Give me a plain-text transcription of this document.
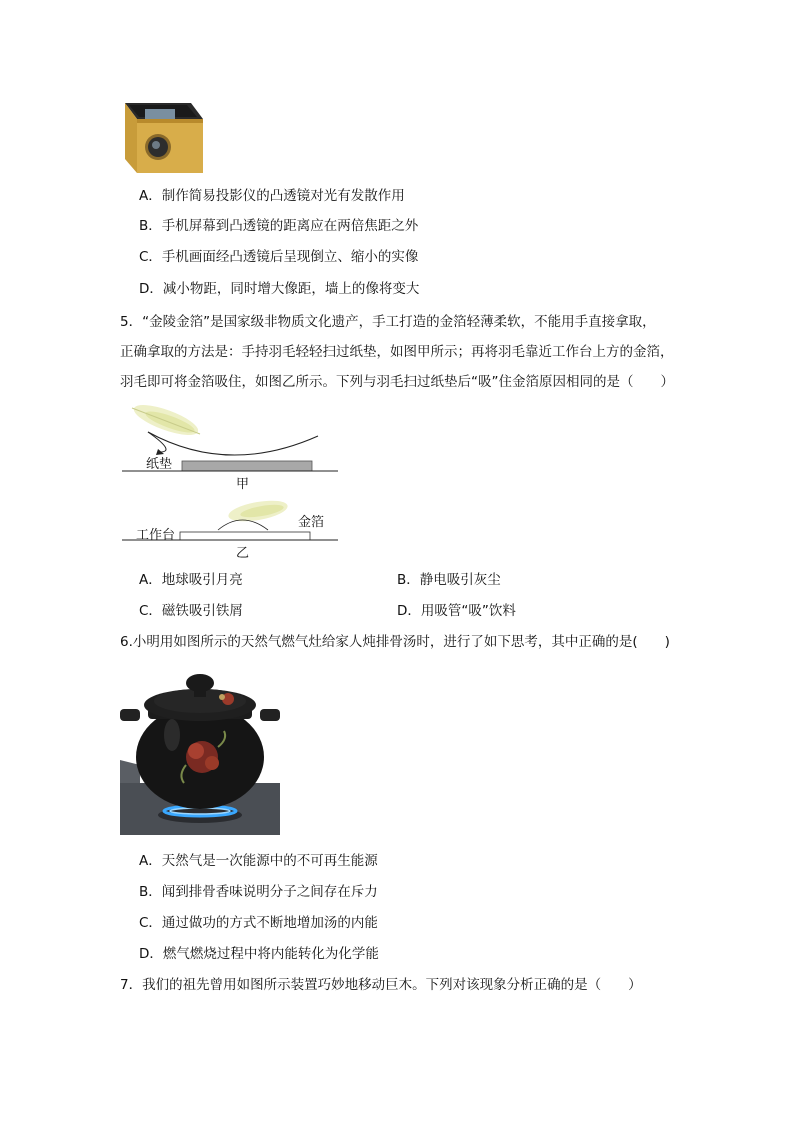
A．制作简易投影仪的凸透镜对光有发散作用
B．手机屏幕到凸透镜的距离应在两倍焦距之外
C．手机画面经凸透镜后呈现倒立、缩小的实像
D．减小物距，同时增大像距，墙上的像将变大
5．“金陵金箔”是国家级非物质文化遗产，手工打造的金箔轻薄柔软，不能用手直接拿取，
正确拿取的方法是：手持羽毛轻轻扫过纸垫，如图甲所示；再将羽毛靠近工作台上方的金箔，
羽毛即可将金箔吸住，如图乙所示。下列与羽毛扫过纸垫后“吸”住金箔原因相同的是（　　）
纸垫
甲
工作台
金箔
乙
A．地球吸引月亮	B．静电吸引灰尘
C．磁铁吸引铁屑	D．用吸管“吸”饮料
6.小明用如图所示的天然气燃气灶给家人炖排骨汤时，进行了如下思考，其中正确的是(　　)
A．天然气是一次能源中的不可再生能源
B．闻到排骨香味说明分子之间存在斥力
C．通过做功的方式不断地增加汤的内能
D．燃气燃烧过程中将内能转化为化学能
7．我们的祖先曾用如图所示装置巧妙地移动巨木。下列对该现象分析正确的是（　　）
